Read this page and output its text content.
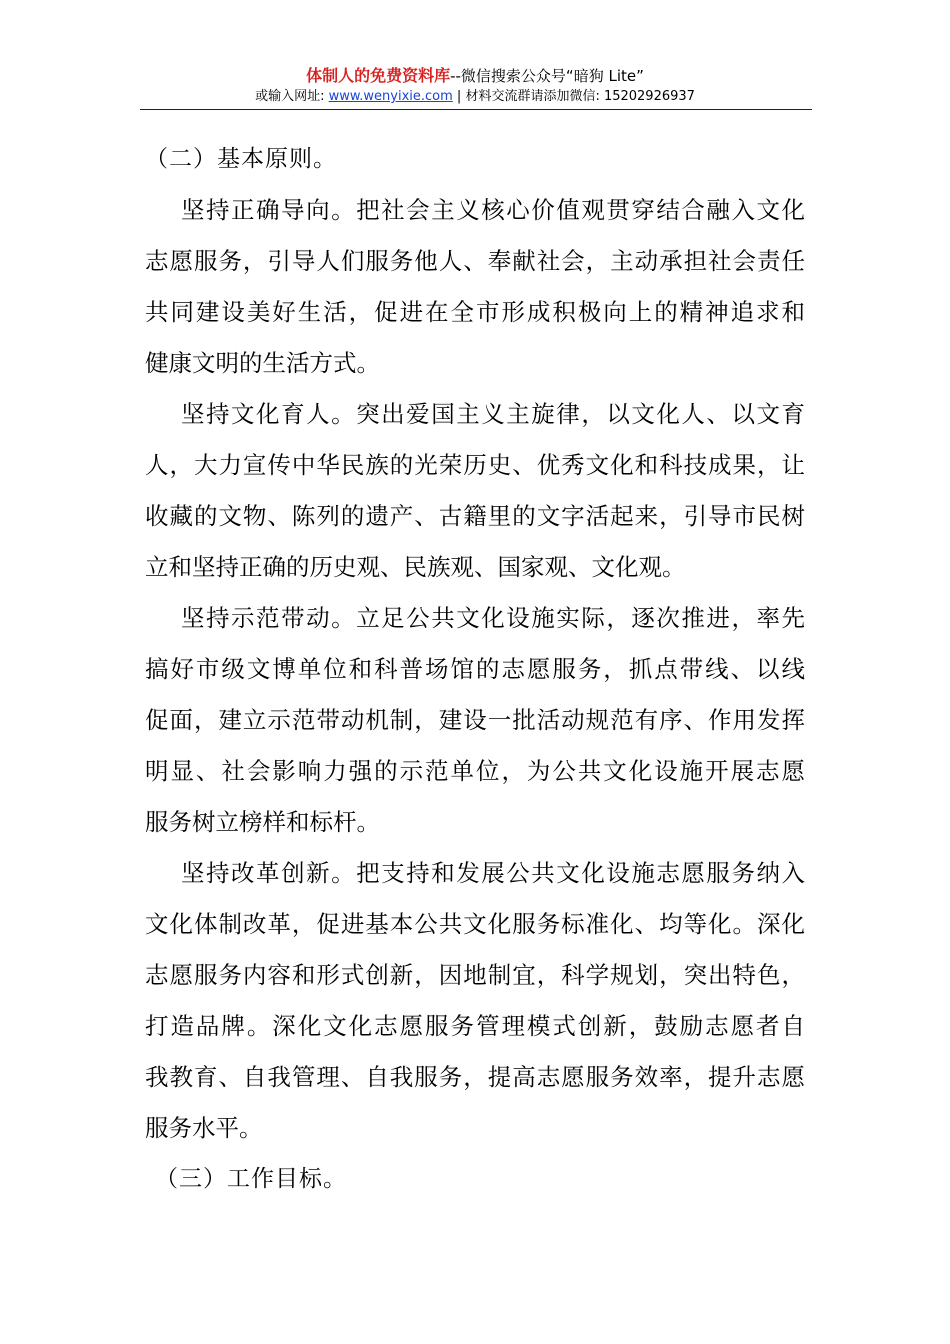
体制人的免费资料库--微信搜索公众号“暗狗 Lite”
或输入网址: www.wenyixie.com | 材料交流群请添加微信: 15202926937
（二）基本原则。

坚持正确导向。把社会主义核心价值观贯穿结合融入文化
志愿服务，引导人们服务他人、奉献社会，主动承担社会责任
共同建设美好生活，促进在全市形成积极向上的精神追求和
健康文明的生活方式。

坚持文化育人。突出爱国主义主旋律，以文化人、以文育
人，大力宣传中华民族的光荣历史、优秀文化和科技成果，让
收藏的文物、陈列的遗产、古籍里的文字活起来，引导市民树
立和坚持正确的历史观、民族观、国家观、文化观。

坚持示范带动。立足公共文化设施实际，逐次推进，率先
搞好市级文博单位和科普场馆的志愿服务，抓点带线、以线
促面，建立示范带动机制，建设一批活动规范有序、作用发挥
明显、社会影响力强的示范单位，为公共文化设施开展志愿
服务树立榜样和标杆。

坚持改革创新。把支持和发展公共文化设施志愿服务纳入
文化体制改革，促进基本公共文化服务标准化、均等化。深化
志愿服务内容和形式创新，因地制宜，科学规划，突出特色，
打造品牌。深化文化志愿服务管理模式创新，鼓励志愿者自
我教育、自我管理、自我服务，提高志愿服务效率，提升志愿
服务水平。

（三）工作目标。
